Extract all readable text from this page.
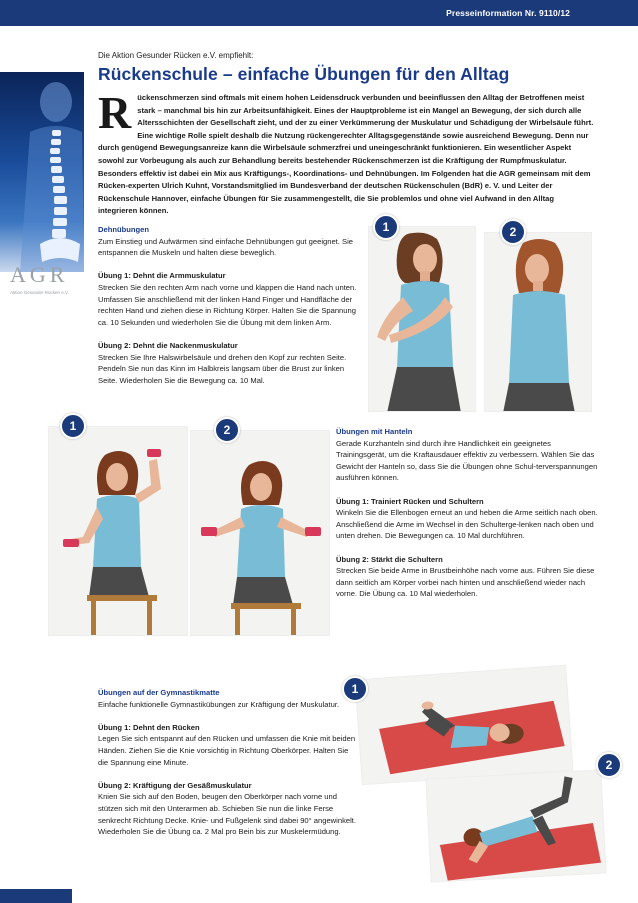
Presseinformation Nr. 9110/12
AGR
Aktion Gesunder Rücken e.V.
Die Aktion Gesunder Rücken e.V. empfiehlt:
Rückenschule – einfache Übungen für den Alltag
Rückenschmerzen sind oftmals mit einem hohen Leidensdruck verbunden und beeinflussen den Alltag der Betroffenen meist stark – manchmal bis hin zur Arbeitsunfähigkeit. Eines der Hauptprobleme ist ein Mangel an Bewegung, der sich durch alle Altersschichten der Gesellschaft zieht, und der zu einer Verkümmerung der Muskulatur und Schädigung der Wirbelsäule führt. Eine wichtige Rolle spielt deshalb die Nutzung rückengerechter Alltagsgegenstände sowie ausreichend Bewegung. Denn nur durch genügend Bewegungsanreize kann die Wirbelsäule schmerzfrei und uneingeschränkt funktionieren. Ein wesentlicher Aspekt sowohl zur Vorbeugung als auch zur Behandlung bereits bestehender Rückenschmerzen ist die Kräftigung der Rumpfmuskulatur. Besonders effektiv ist dabei ein Mix aus Kräftigungs-, Koordinations- und Dehnübungen. Im Folgenden hat die AGR gemeinsam mit dem Rücken-experten Ulrich Kuhnt, Vorstandsmitglied im Bundesverband der deutschen Rückenschulen (BdR) e. V. und Leiter der Rückenschule Hannover, einfache Übungen für Sie zusammengestellt, die Sie problemlos und ohne viel Aufwand in den Alltag integrieren können.
Dehnübungen
Zum Einstieg und Aufwärmen sind einfache Dehnübungen gut geeignet. Sie entspannen die Muskeln und halten diese beweglich.
Übung 1: Dehnt die Armmuskulatur
Strecken Sie den rechten Arm nach vorne und klappen die Hand nach unten. Umfassen Sie anschließend mit der linken Hand Finger und Handfläche der rechten Hand und ziehen diese in Richtung Körper. Halten Sie die Spannung ca. 10 Sekunden und wiederholen Sie die Übung mit dem linken Arm.
Übung 2: Dehnt die Nackenmuskulatur
Strecken Sie Ihre Halswirbelsäule und drehen den Kopf zur rechten Seite. Pendeln Sie nun das Kinn im Halbkreis langsam über die Brust zur linken Seite. Wiederholen Sie die Bewegung ca. 10 Mal.
1	2
1	2	Übungen mit Hanteln
Gerade Kurzhanteln sind durch ihre Handlichkeit ein geeignetes Trainingsgerät, um die Kraftausdauer effektiv zu verbessern. Wählen Sie das Gewicht der Hanteln so, dass Sie die Übungen ohne Schul-terverspannungen ausführen können.
Übung 1: Trainiert Rücken und Schultern
Winkeln Sie die Ellenbogen erneut an und heben die Arme seitlich nach oben. Anschließend die Arme im Wechsel in den Schulterge-lenken nach oben und unten drehen. Die Bewegungen ca. 10 Mal durchführen.
Übung 2: Stärkt die Schultern
Strecken Sie beide Arme in Brustbeinhöhe nach vorne aus. Führen Sie diese dann seitlich am Körper vorbei nach hinten und anschließend wieder nach vorne. Die Übung ca. 10 Mal wiederholen.
Übungen auf der Gymnastikmatte
Einfache funktionelle Gymnastikübungen zur Kräftigung der Muskulatur.
Übung 1: Dehnt den Rücken
Legen Sie sich entspannt auf den Rücken und umfassen die Knie mit beiden Händen. Ziehen Sie die Knie vorsichtig in Richtung Oberkörper. Halten Sie die Spannung eine Minute.
Übung 2: Kräftigung der Gesäßmuskulatur
Knien Sie sich auf den Boden, beugen den Oberkörper nach vorne und stützen sich mit den Unterarmen ab. Schieben Sie nun die linke Ferse senkrecht Richtung Decke. Knie- und Fußgelenk sind dabei 90° angewinkelt. Wiederholen Sie die Übung ca. 2 Mal pro Bein bis zur Muskelermüdung.
1
2
